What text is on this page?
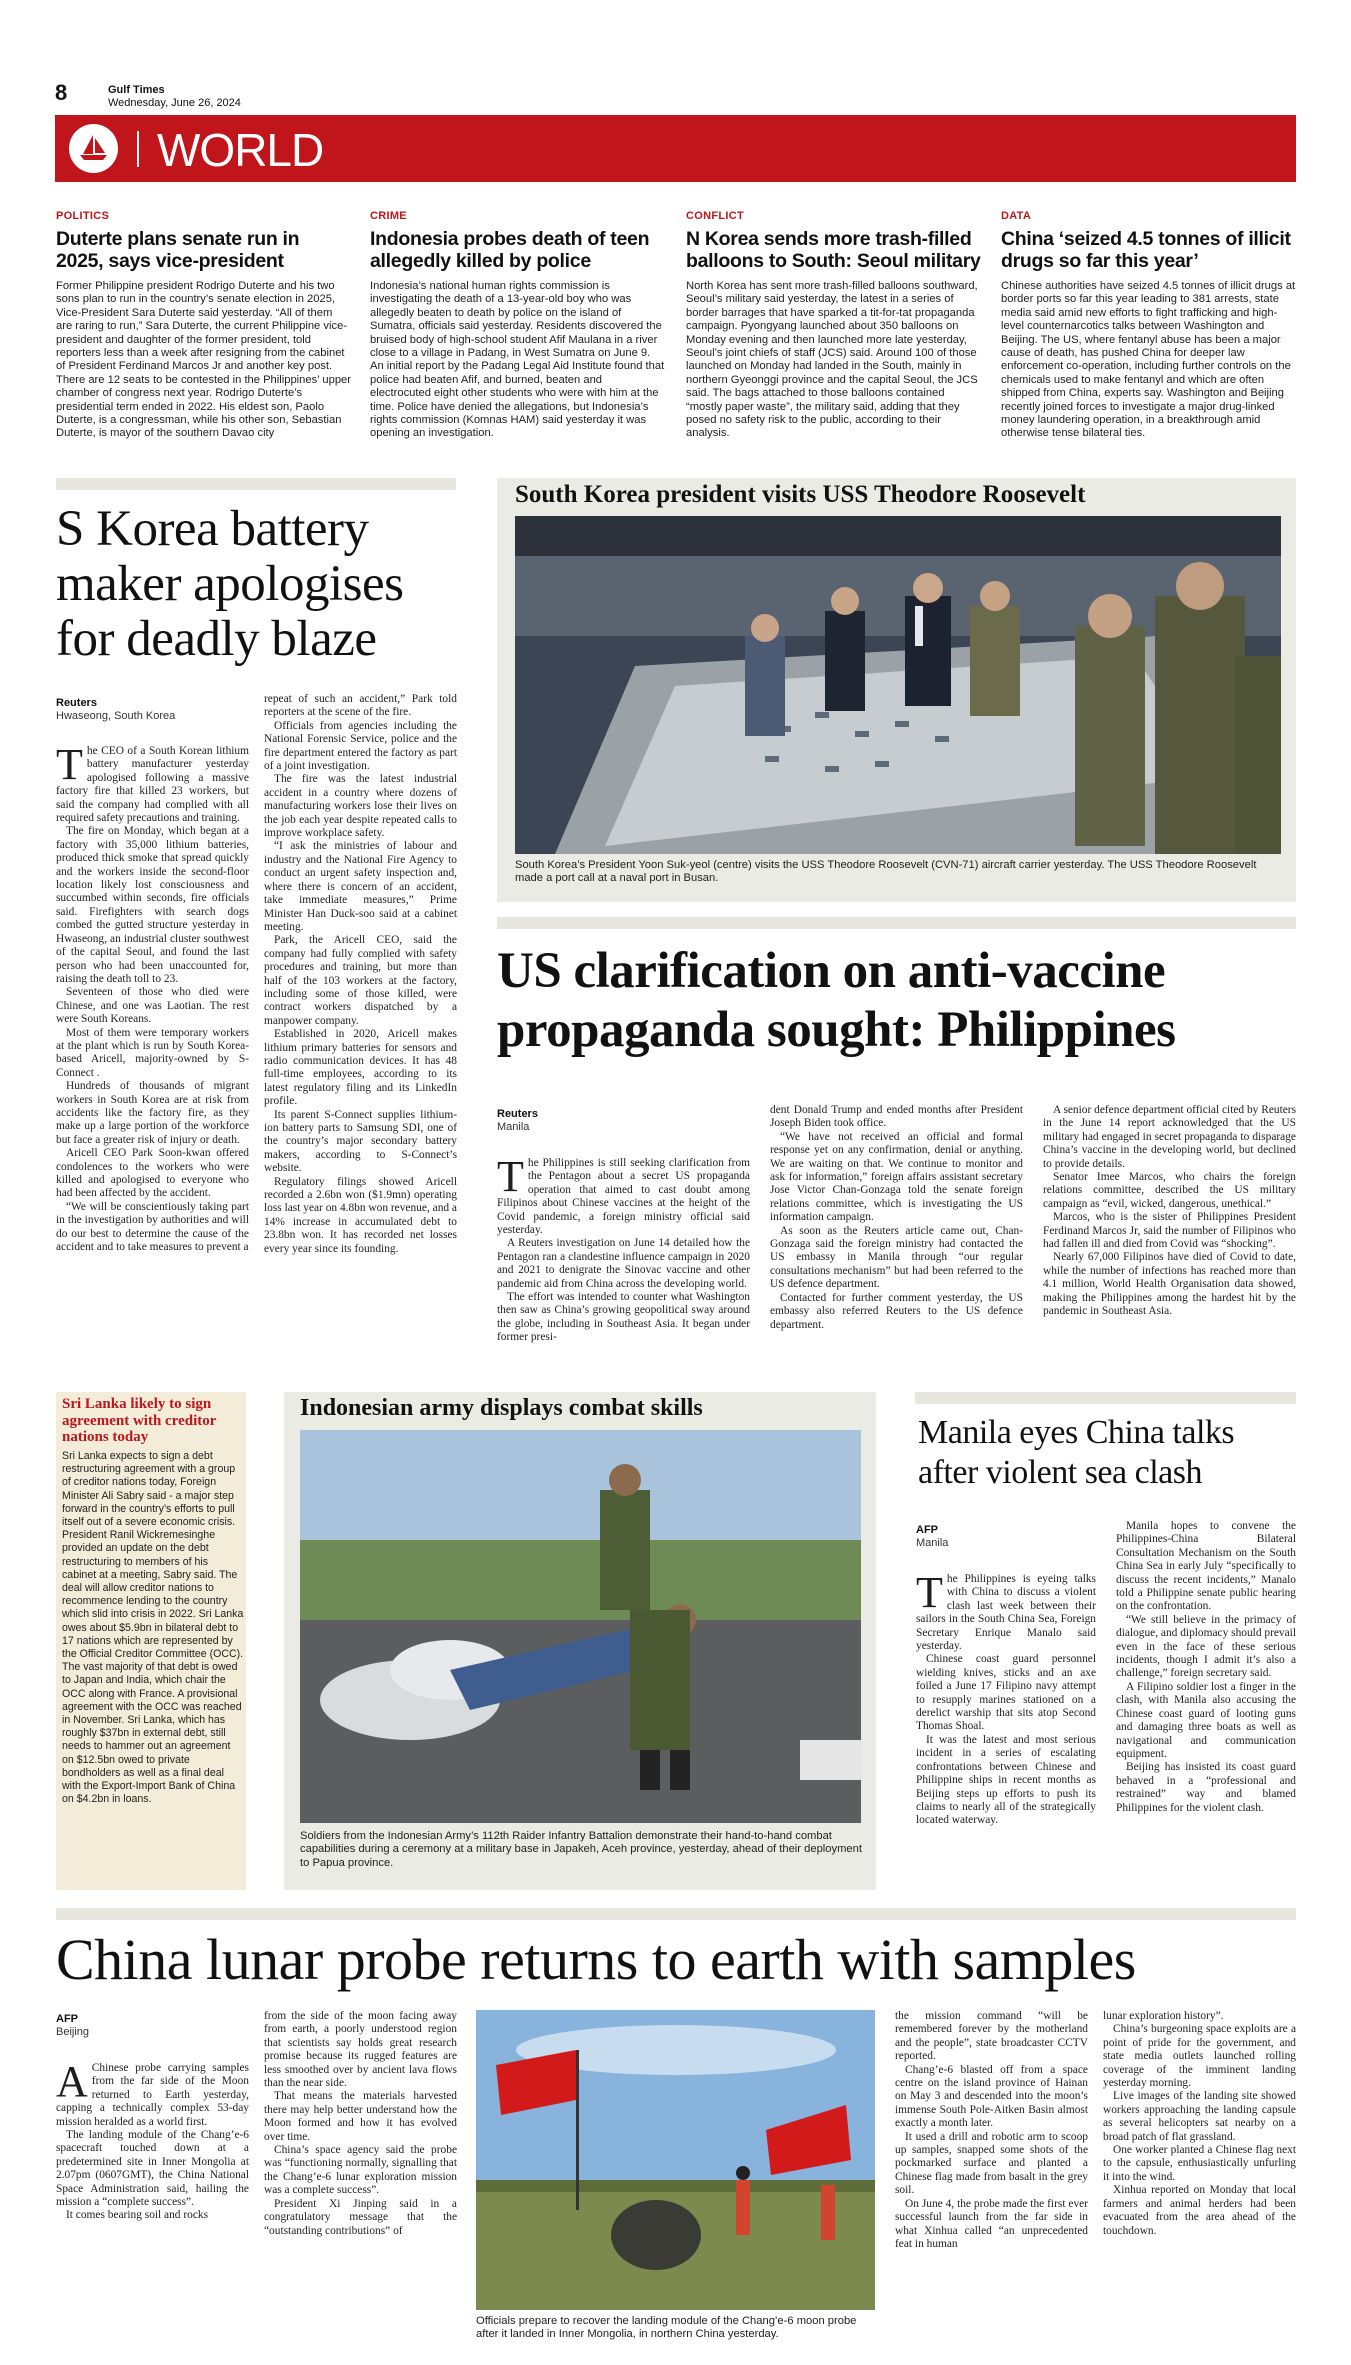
8	Gulf Times
Wednesday, June 26, 2024
WORLD
POLITICS
Duterte plans senate run in 2025, says vice-president
Former Philippine president Rodrigo Duterte and his two sons plan to run in the country’s senate election in 2025, Vice-President Sara Duterte said yesterday. “All of them are raring to run,” Sara Duterte, the current Philippine vice-president and daughter of the former president, told reporters less than a week after resigning from the cabinet of President Ferdinand Marcos Jr and another key post. There are 12 seats to be contested in the Philippines’ upper chamber of congress next year. Rodrigo Duterte’s presidential term ended in 2022. His eldest son, Paolo Duterte, is a congressman, while his other son, Sebastian Duterte, is mayor of the southern Davao city
CRIME
Indonesia probes death of teen allegedly killed by police
Indonesia’s national human rights commission is investigating the death of a 13-year-old boy who was allegedly beaten to death by police on the island of Sumatra, officials said yesterday. Residents discovered the bruised body of high-school student Afif Maulana in a river close to a village in Padang, in West Sumatra on June 9. An initial report by the Padang Legal Aid Institute found that police had beaten Afif, and burned, beaten and electrocuted eight other students who were with him at the time. Police have denied the allegations, but Indonesia’s rights commission (Komnas HAM) said yesterday it was opening an investigation.
CONFLICT
N Korea sends more trash-filled balloons to South: Seoul military
North Korea has sent more trash-filled balloons southward, Seoul’s military said yesterday, the latest in a series of border barrages that have sparked a tit-for-tat propaganda campaign. Pyongyang launched about 350 balloons on Monday evening and then launched more late yesterday, Seoul’s joint chiefs of staff (JCS) said. Around 100 of those launched on Monday had landed in the South, mainly in northern Gyeonggi province and the capital Seoul, the JCS said. The bags attached to those balloons contained “mostly paper waste”, the military said, adding that they posed no safety risk to the public, according to their analysis.
DATA
China ‘seized 4.5 tonnes of illicit drugs so far this year’
Chinese authorities have seized 4.5 tonnes of illicit drugs at border ports so far this year leading to 381 arrests, state media said amid new efforts to fight trafficking and high-level counternarcotics talks between Washington and Beijing. The US, where fentanyl abuse has been a major cause of death, has pushed China for deeper law enforcement co-operation, including further controls on the chemicals used to make fentanyl and which are often shipped from China, experts say. Washington and Beijing recently joined forces to investigate a major drug-linked money laundering operation, in a breakthrough amid otherwise tense bilateral ties.
S Korea battery maker apologises for deadly blaze
Reuters
Hwaseong, South Korea

The CEO of a South Korean lithium battery manufacturer yesterday apologised following a massive factory fire that killed 23 workers, but said the company had complied with all required safety precautions and training.

The fire on Monday, which began at a factory with 35,000 lithium batteries, produced thick smoke that spread quickly and the workers inside the second-floor location likely lost consciousness and succumbed within seconds, fire officials said. Firefighters with search dogs combed the gutted structure yesterday in Hwaseong, an industrial cluster southwest of the capital Seoul, and found the last person who had been unaccounted for, raising the death toll to 23.

Seventeen of those who died were Chinese, and one was Laotian. The rest were South Koreans.

Most of them were temporary workers at the plant which is run by South Korea-based Aricell, majority-owned by S-Connect .

Hundreds of thousands of migrant workers in South Korea are at risk from accidents like the factory fire, as they make up a large portion of the workforce but face a greater risk of injury or death.

Aricell CEO Park Soon-kwan offered condolences to the workers who were killed and apologised to everyone who had been affected by the accident.

“We will be conscientiously taking part in the investigation by authorities and will do our best to determine the cause of the accident and to take measures to prevent a

repeat of such an accident,” Park told reporters at the scene of the fire.

Officials from agencies including the National Forensic Service, police and the fire department entered the factory as part of a joint investigation.

The fire was the latest industrial accident in a country where dozens of manufacturing workers lose their lives on the job each year despite repeated calls to improve workplace safety.

“I ask the ministries of labour and industry and the National Fire Agency to conduct an urgent safety inspection and, where there is concern of an accident, take immediate measures,” Prime Minister Han Duck-soo said at a cabinet meeting.

Park, the Aricell CEO, said the company had fully complied with safety procedures and training, but more than half of the 103 workers at the factory, including some of those killed, were contract workers dispatched by a manpower company.

Established in 2020, Aricell makes lithium primary batteries for sensors and radio communication devices. It has 48 full-time employees, according to its latest regulatory filing and its LinkedIn profile.

Its parent S-Connect supplies lithium-ion battery parts to Samsung SDI, one of the country’s major secondary battery makers, according to S-Connect’s website.

Regulatory filings showed Aricell recorded a 2.6bn won ($1.9mn) operating loss last year on 4.8bn won revenue, and a 14% increase in accumulated debt to 23.8bn won. It has recorded net losses every year since its founding.

South Korea president visits USS Theodore Roosevelt
South Korea’s President Yoon Suk-yeol (centre) visits the USS Theodore Roosevelt (CVN-71) aircraft carrier yesterday. The USS Theodore Roosevelt made a port call at a naval port in Busan.
US clarification on anti-vaccine propaganda sought: Philippines
Reuters
Manila

The Philippines is still seeking clarification from the Pentagon about a secret US propaganda operation that aimed to cast doubt among Filipinos about Chinese vaccines at the height of the Covid pandemic, a foreign ministry official said yesterday.

A Reuters investigation on June 14 detailed how the Pentagon ran a clandestine influence campaign in 2020 and 2021 to denigrate the Sinovac vaccine and other pandemic aid from China across the developing world.

The effort was intended to counter what Washington then saw as China’s growing geopolitical sway around the globe, including in Southeast Asia. It began under former presi-

dent Donald Trump and ended months after President Joseph Biden took office.

“We have not received an official and formal response yet on any confirmation, denial or anything. We are waiting on that. We continue to monitor and ask for information,” foreign affairs assistant secretary Jose Victor Chan-Gonzaga told the senate foreign relations committee, which is investigating the US information campaign.

As soon as the Reuters article came out, Chan-Gonzaga said the foreign ministry had contacted the US embassy in Manila through “our regular consultations mechanism” but had been referred to the US defence department.

Contacted for further comment yesterday, the US embassy also referred Reuters to the US defence department.

A senior defence department official cited by Reuters in the June 14 report acknowledged that the US military had engaged in secret propaganda to disparage China’s vaccine in the developing world, but declined to provide details.

Senator Imee Marcos, who chairs the foreign relations committee, described the US military campaign as “evil, wicked, dangerous, unethical.”

Marcos, who is the sister of Philippines President Ferdinand Marcos Jr, said the number of Filipinos who had fallen ill and died from Covid was “shocking”.

Nearly 67,000 Filipinos have died of Covid to date, while the number of infections has reached more than 4.1 million, World Health Organisation data showed, making the Philippines among the hardest hit by the pandemic in Southeast Asia.

Sri Lanka likely to sign agreement with creditor nations today
Sri Lanka expects to sign a debt restructuring agreement with a group of creditor nations today, Foreign Minister Ali Sabry said - a major step forward in the country’s efforts to pull itself out of a severe economic crisis. President Ranil Wickremesinghe provided an update on the debt restructuring to members of his cabinet at a meeting, Sabry said. The deal will allow creditor nations to recommence lending to the country which slid into crisis in 2022. Sri Lanka owes about $5.9bn in bilateral debt to 17 nations which are represented by the Official Creditor Committee (OCC). The vast majority of that debt is owed to Japan and India, which chair the OCC along with France. A provisional agreement with the OCC was reached in November. Sri Lanka, which has roughly $37bn in external debt, still needs to hammer out an agreement on $12.5bn owed to private bondholders as well as a final deal with the Export-Import Bank of China on $4.2bn in loans.
Indonesian army displays combat skills
Soldiers from the Indonesian Army’s 112th Raider Infantry Battalion demonstrate their hand-to-hand combat capabilities during a ceremony at a military base in Japakeh, Aceh province, yesterday, ahead of their deployment to Papua province.
Manila eyes China talks after violent sea clash
AFP
Manila

The Philippines is eyeing talks with China to discuss a violent clash last week between their sailors in the South China Sea, Foreign Secretary Enrique Manalo said yesterday.

Chinese coast guard personnel wielding knives, sticks and an axe foiled a June 17 Filipino navy attempt to resupply marines stationed on a derelict warship that sits atop Second Thomas Shoal.

It was the latest and most serious incident in a series of escalating confrontations between Chinese and Philippine ships in recent months as Beijing steps up efforts to push its claims to nearly all of the strategically located waterway.

Manila hopes to convene the Philippines-China Bilateral Consultation Mechanism on the South China Sea in early July “specifically to discuss the recent incidents,” Manalo told a Philippine senate public hearing on the confrontation.

“We still believe in the primacy of dialogue, and diplomacy should prevail even in the face of these serious incidents, though I admit it’s also a challenge,” foreign secretary said.

A Filipino soldier lost a finger in the clash, with Manila also accusing the Chinese coast guard of looting guns and damaging three boats as well as navigational and communication equipment.

Beijing has insisted its coast guard behaved in a “professional and restrained” way and blamed Philippines for the violent clash.

China lunar probe returns to earth with samples
AFP
Beijing

AChinese probe carrying samples from the far side of the Moon returned to Earth yesterday, capping a technically complex 53-day mission heralded as a world first.

The landing module of the Chang’e-6 spacecraft touched down at a predetermined site in Inner Mongolia at 2.07pm (0607GMT), the China National Space Administration said, hailing the mission a “complete success”.

It comes bearing soil and rocks

from the side of the moon facing away from earth, a poorly understood region that scientists say holds great research promise because its rugged features are less smoothed over by ancient lava flows than the near side.

That means the materials harvested there may help better understand how the Moon formed and how it has evolved over time.

China’s space agency said the probe was “functioning normally, signalling that the Chang’e-6 lunar exploration mission was a complete success”.

President Xi Jinping said in a congratulatory message that the “outstanding contributions” of

Officials prepare to recover the landing module of the Chang’e-6 moon probe after it landed in Inner Mongolia, in northern China yesterday.

the mission command “will be remembered forever by the motherland and the people”, state broadcaster CCTV reported.

Chang’e-6 blasted off from a space centre on the island province of Hainan on May 3 and descended into the moon’s immense South Pole-Aitken Basin almost exactly a month later.

It used a drill and robotic arm to scoop up samples, snapped some shots of the pockmarked surface and planted a Chinese flag made from basalt in the grey soil.

On June 4, the probe made the first ever successful launch from the far side in what Xinhua called “an unprecedented feat in human

lunar exploration history”.

China’s burgeoning space exploits are a point of pride for the government, and state media outlets launched rolling coverage of the imminent landing yesterday morning.

Live images of the landing site showed workers approaching the landing capsule as several helicopters sat nearby on a broad patch of flat grassland.

One worker planted a Chinese flag next to the capsule, enthusiastically unfurling it into the wind.

Xinhua reported on Monday that local farmers and animal herders had been evacuated from the area ahead of the touchdown.
